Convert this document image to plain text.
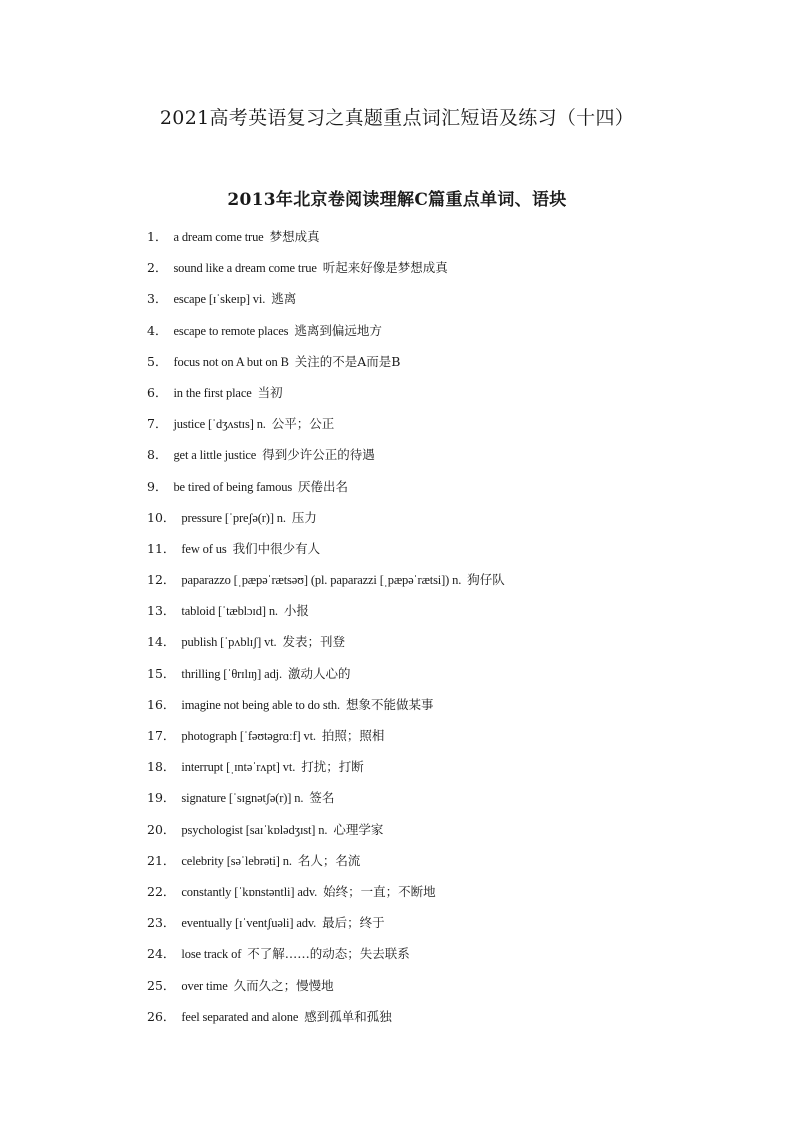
2021高考英语复习之真题重点词汇短语及练习（十四）
2013年北京卷阅读理解C篇重点单词、语块
1． a dream come true 梦想成真
2． sound like a dream come true 听起来好像是梦想成真
3． escape [ɪˈskeɪp] vi. 逃离
4． escape to remote places 逃离到偏远地方
5． focus not on A but on B 关注的不是A而是B
6． in the first place 当初
7． justice [ˈdʒʌstɪs] n. 公平；公正
8． get a little justice 得到少许公正的待遇
9． be tired of being famous 厌倦出名
10． pressure [ˈpreʃə(r)] n. 压力
11． few of us 我们中很少有人
12． paparazzo [ˌpæpəˈrætsəʊ] (pl. paparazzi [ˌpæpəˈrætsi]) n. 狗仔队
13． tabloid [ˈtæblɔɪd] n. 小报
14． publish [ˈpʌblɪʃ] vt. 发表；刊登
15． thrilling [ˈθrɪlɪŋ] adj. 激动人心的
16． imagine not being able to do sth. 想象不能做某事
17． photograph [ˈfəʊtəgrɑːf] vt. 拍照；照相
18． interrupt [ˌɪntəˈrʌpt] vt. 打扰；打断
19． signature [ˈsɪgnətʃə(r)] n. 签名
20． psychologist [saɪˈkɒlədʒɪst] n. 心理学家
21． celebrity [səˈlebrəti] n. 名人；名流
22． constantly [ˈkɒnstəntli] adv. 始终；一直；不断地
23． eventually [ɪˈventʃuəli] adv. 最后；终于
24． lose track of 不了解……的动态；失去联系
25． over time 久而久之；慢慢地
26． feel separated and alone 感到孤单和孤独
